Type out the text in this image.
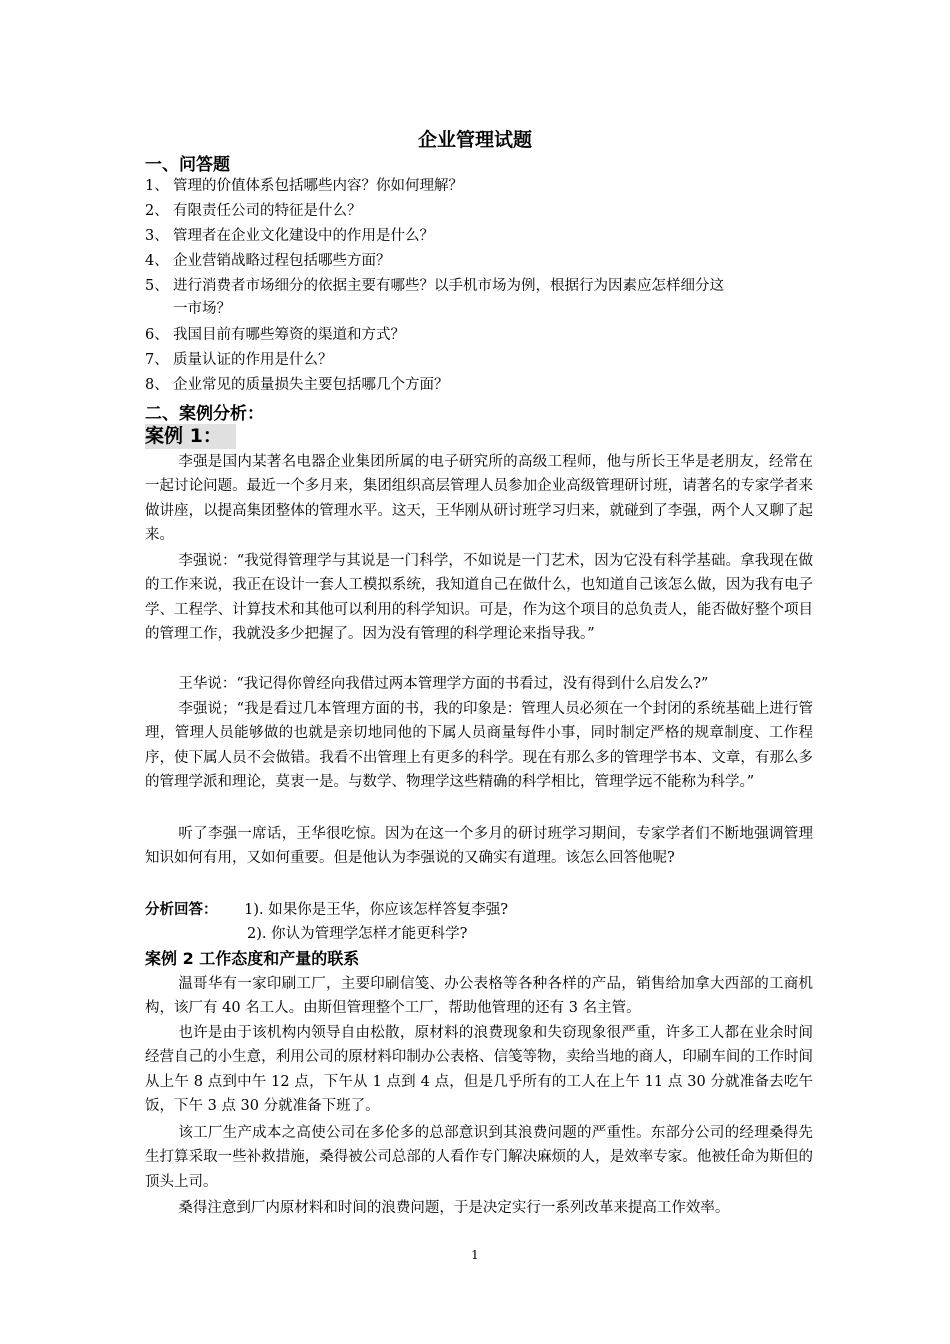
企业管理试题
一、问答题
1、 管理的价值体系包括哪些内容？你如何理解？
2、 有限责任公司的特征是什么？
3、 管理者在企业文化建设中的作用是什么？
4、 企业营销战略过程包括哪些方面？
5、 进行消费者市场细分的依据主要有哪些？以手机市场为例，根据行为因素应怎样细分这
一市场？
6、 我国目前有哪些筹资的渠道和方式？
7、 质量认证的作用是什么？
8、 企业常见的质量损失主要包括哪几个方面？
二、案例分析：
案例 1：
李强是国内某著名电器企业集团所属的电子研究所的高级工程师，他与所长王华是老朋友，经常在一起讨论问题。最近一个多月来，集团组织高层管理人员参加企业高级管理研讨班，请著名的专家学者来做讲座，以提高集团整体的管理水平。这天，王华刚从研讨班学习归来，就碰到了李强，两个人又聊了起来。
李强说：“我觉得管理学与其说是一门科学，不如说是一门艺术，因为它没有科学基础。拿我现在做的工作来说，我正在设计一套人工模拟系统，我知道自己在做什么，也知道自己该怎么做，因为我有电子学、工程学、计算技术和其他可以利用的科学知识。可是，作为这个项目的总负责人，能否做好整个项目的管理工作，我就没多少把握了。因为没有管理的科学理论来指导我。”
王华说：“我记得你曾经向我借过两本管理学方面的书看过，没有得到什么启发么?”
李强说；“我是看过几本管理方面的书，我的印象是：管理人员必须在一个封闭的系统基础上进行管理，管理人员能够做的也就是亲切地同他的下属人员商量每件小事，同时制定严格的规章制度、工作程序，使下属人员不会做错。我看不出管理上有更多的科学。现在有那么多的管理学书本、文章，有那么多的管理学派和理论，莫衷一是。与数学、物理学这些精确的科学相比，管理学远不能称为科学。”
听了李强一席话，王华很吃惊。因为在这一个多月的研讨班学习期间，专家学者们不断地强调管理知识如何有用，又如何重要。但是他认为李强说的又确实有道理。该怎么回答他呢?
分析回答： 1). 如果你是王华，你应该怎样答复李强?
2). 你认为管理学怎样才能更科学?
案例 2 工作态度和产量的联系
温哥华有一家印刷工厂，主要印刷信笺、办公表格等各种各样的产品，销售给加拿大西部的工商机构，该厂有 40 名工人。由斯但管理整个工厂，帮助他管理的还有 3 名主管。
也许是由于该机构内领导自由松散，原材料的浪费现象和失窃现象很严重，许多工人都在业余时间经营自己的小生意，利用公司的原材料印制办公表格、信笺等物，卖给当地的商人，印刷车间的工作时间从上午 8 点到中午 12 点，下午从 1 点到 4 点，但是几乎所有的工人在上午 11 点 30 分就准备去吃午饭，下午 3 点 30 分就准备下班了。
该工厂生产成本之高使公司在多伦多的总部意识到其浪费问题的严重性。东部分公司的经理桑得先生打算采取一些补救措施，桑得被公司总部的人看作专门解决麻烦的人，是效率专家。他被任命为斯但的顶头上司。
桑得注意到厂内原材料和时间的浪费问题，于是决定实行一系列改革来提高工作效率。
1
